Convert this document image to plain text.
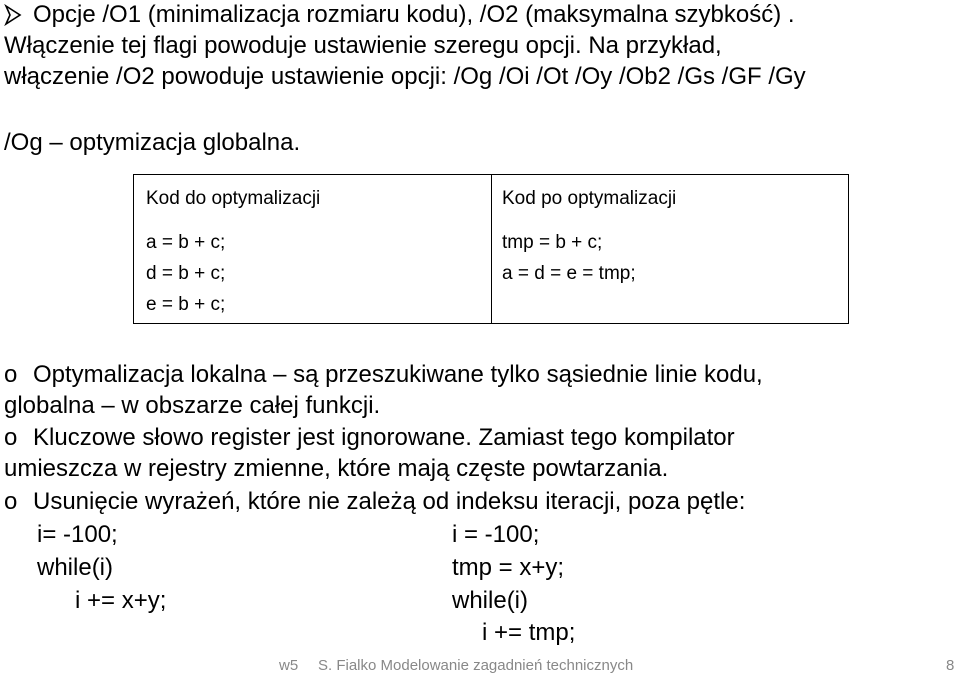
Opcje /O1 (minimalizacja rozmiaru kodu), /O2 (maksymalna szybkość) .
Włączenie tej flagi powoduje ustawienie szeregu opcji. Na przykład,
włączenie /O2 powoduje ustawienie opcji: /Og /Oi /Ot /Oy /Ob2 /Gs /GF /Gy
/Og – optymizacja globalna.
Kod do optymalizacji	Kod po optymalizacji
a = b + c;
d = b + c;
e = b + c;
tmp = b + c;
a = d = e = tmp;
o Optymalizacja lokalna – są przeszukiwane tylko sąsiednie linie kodu,
globalna – w obszarze całej funkcji.
o Kluczowe słowo register jest ignorowane. Zamiast tego kompilator
umieszcza w rejestry zmienne, które mają częste powtarzania.
o Usunięcie wyrażeń, które nie zależą od indeksu iteracji, poza pętle:
i= -100;
while(i)
i += x+y;
i = -100;
tmp = x+y;
while(i)
i += tmp;
w5 S. Fialko Modelowanie zagadnień technicznych	8
